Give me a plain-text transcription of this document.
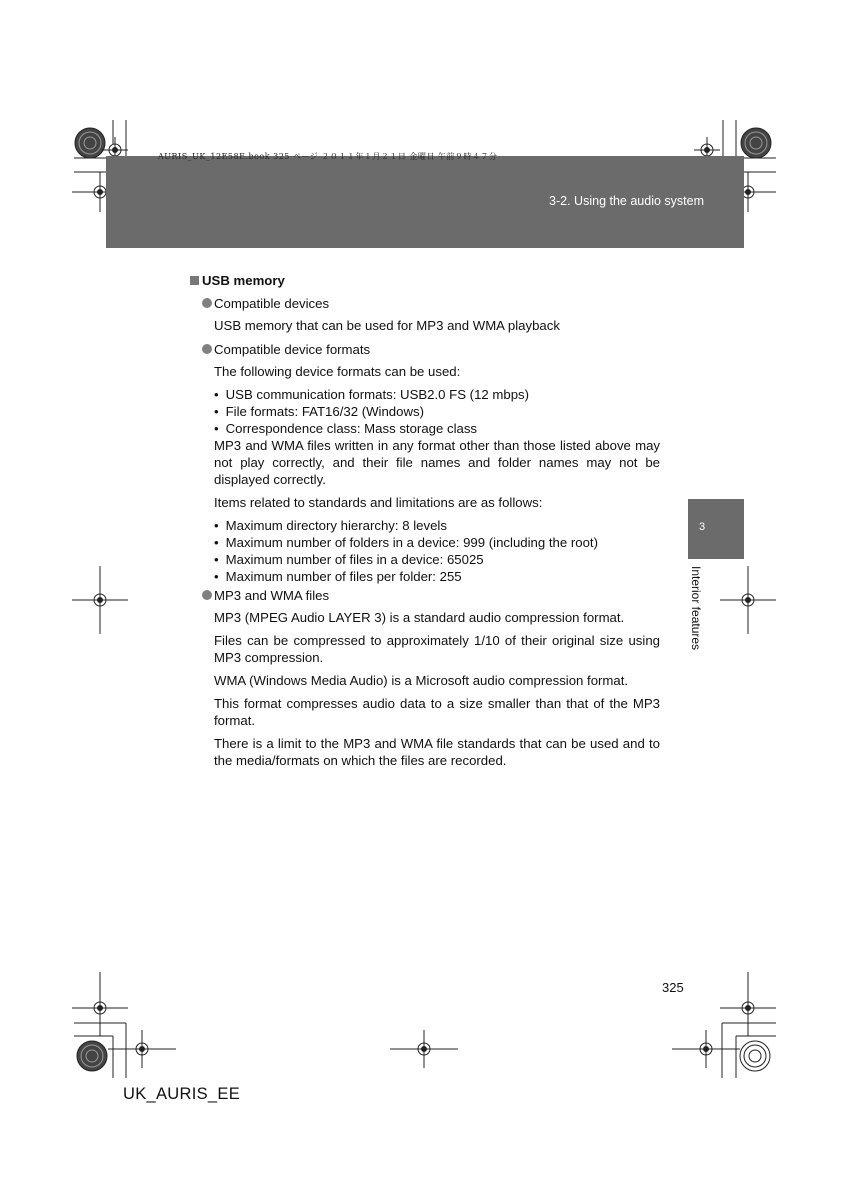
3-2. Using the audio system
AURIS_UK_12E58E.book 325 ページ ２０１１年１月２１日 金曜日 午前９時４７分
3
Interior features
USB memory
Compatible devices
USB memory that can be used for MP3 and WMA playback
Compatible device formats
The following device formats can be used:
• USB communication formats: USB2.0 FS (12 mbps)
• File formats: FAT16/32 (Windows)
• Correspondence class: Mass storage class
MP3 and WMA files written in any format other than those listed above may not play correctly, and their file names and folder names may not be displayed correctly.
Items related to standards and limitations are as follows:
• Maximum directory hierarchy: 8 levels
• Maximum number of folders in a device: 999 (including the root)
• Maximum number of files in a device: 65025
• Maximum number of files per folder: 255
MP3 and WMA files
MP3 (MPEG Audio LAYER 3) is a standard audio compression format.
Files can be compressed to approximately 1/10 of their original size using MP3 compression.
WMA (Windows Media Audio) is a Microsoft audio compression format.
This format compresses audio data to a size smaller than that of the MP3 format.
There is a limit to the MP3 and WMA file standards that can be used and to the media/formats on which the files are recorded.
325
UK_AURIS_EE
